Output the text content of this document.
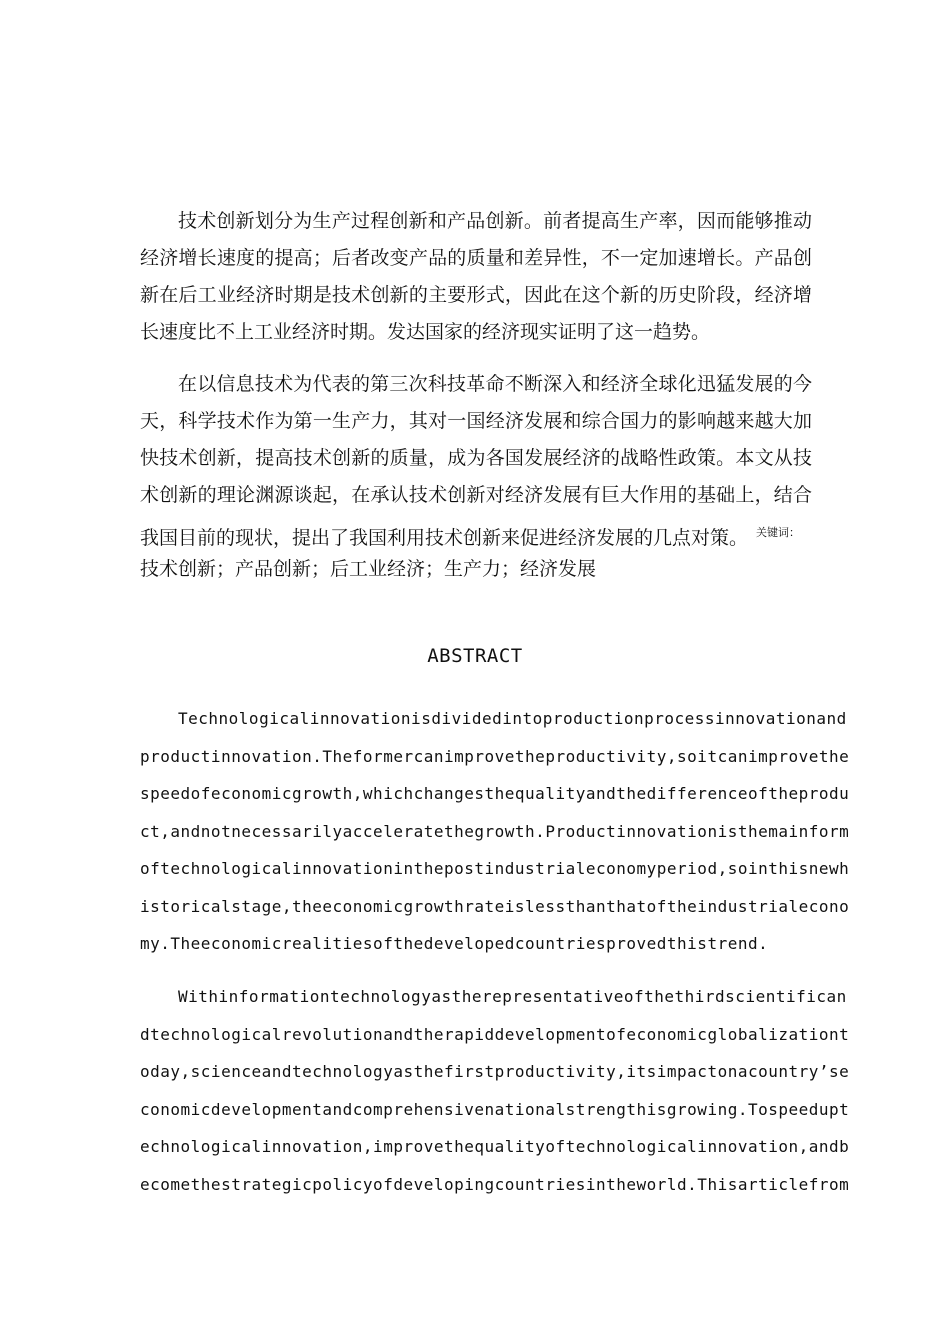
技术创新划分为生产过程创新和产品创新。前者提高生产率，因而能够推动
经济增长速度的提高；后者改变产品的质量和差异性，不一定加速增长。产品创
新在后工业经济时期是技术创新的主要形式，因此在这个新的历史阶段，经济增
长速度比不上工业经济时期。发达国家的经济现实证明了这一趋势。
在以信息技术为代表的第三次科技革命不断深入和经济全球化迅猛发展的今
天，科学技术作为第一生产力，其对一国经济发展和综合国力的影响越来越大加
快技术创新，提高技术创新的质量，成为各国发展经济的战略性政策。本文从技
术创新的理论渊源谈起，在承认技术创新对经济发展有巨大作用的基础上，结合
我国目前的现状，提出了我国利用技术创新来促进经济发展的几点对策。 $^{关键词:}$
技术创新；产品创新；后工业经济；生产力；经济发展
ABSTRACT
Technologicalinnovationisdividedintoproductionprocessinnovationand
productinnovation.Theformercanimprovetheproductivity,soitcanimprovethe
speedofeconomicgrowth,whichchangesthequalityandthedifferenceoftheprodu
ct,andnotnecessarilyacceleratethegrowth.Productinnovationisthemainform
oftechnologicalinnovationinthepostindustrialeconomyperiod,sointhisnewh
istoricalstage,theeconomicgrowthrateislessthanthatoftheindustrialecono
my.Theeconomicrealitiesofthedevelopedcountriesprovedthistrend.
Withinformationtechnologyastherepresentativeofthethirdscientifican
dtechnologicalrevolutionandtherapiddevelopmentofeconomicglobalizationt
oday,scienceandtechnologyasthefirstproductivity,itsimpactonacountry’se
conomicdevelopmentandcomprehensivenationalstrengthisgrowing.Tospeedupt
echnologicalinnovation,improvethequalityoftechnologicalinnovation,andb
ecomethestrategicpolicyofdevelopingcountriesintheworld.Thisarticlefrom
